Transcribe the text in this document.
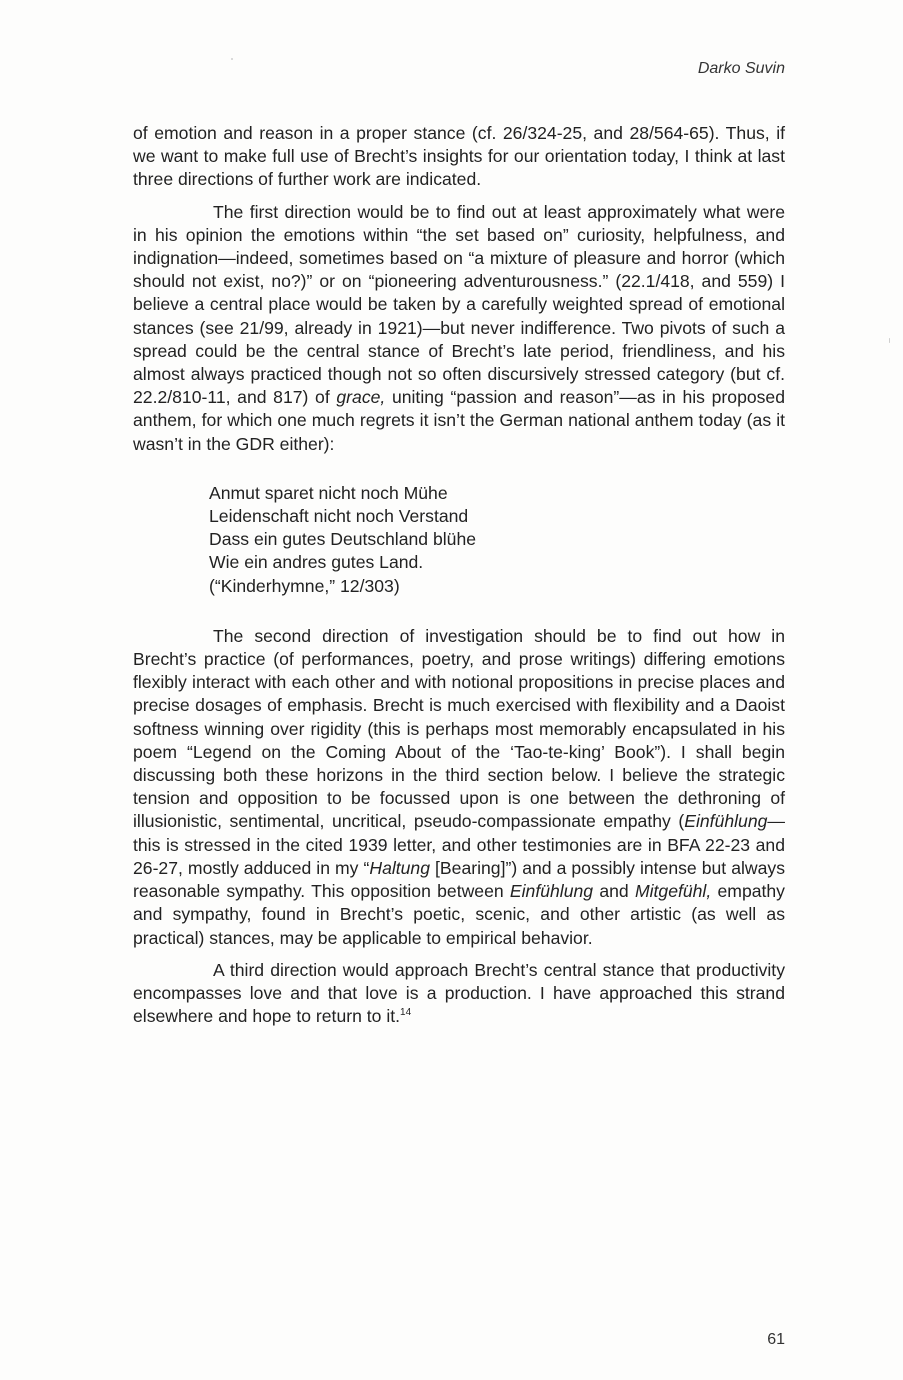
Darko Suvin

of emotion and reason in a proper stance (cf. 26/324-25, and 28/564-65). Thus, if we want to make full use of Brecht’s insights for our orientation today, I think at last three directions of further work are indicated.

The first direction would be to find out at least approximately what were in his opinion the emotions within “the set based on” curiosity, helpfulness, and indignation—indeed, sometimes based on “a mixture of pleasure and horror (which should not exist, no?)” or on “pioneering adventurousness.” (22.1/418, and 559) I believe a central place would be taken by a carefully weighted spread of emotional stances (see 21/99, already in 1921)—but never indifference. Two pivots of such a spread could be the central stance of Brecht’s late period, friendliness, and his almost always practiced though not so often discursively stressed category (but cf. 22.2/810-11, and 817) of grace, uniting “passion and reason”—as in his proposed anthem, for which one much regrets it isn’t the German national anthem today (as it wasn’t in the GDR either):

Anmut sparet nicht noch Mühe
Leidenschaft nicht noch Verstand
Dass ein gutes Deutschland blühe
Wie ein andres gutes Land.
(“Kinderhymne,” 12/303)

The second direction of investigation should be to find out how in Brecht’s practice (of performances, poetry, and prose writings) differing emotions flexibly interact with each other and with notional propositions in precise places and precise dosages of emphasis. Brecht is much exercised with flexibility and a Daoist softness winning over rigidity (this is perhaps most memorably encapsulated in his poem “Legend on the Coming About of the ‘Tao-te-king’ Book”). I shall begin discussing both these horizons in the third section below. I believe the strategic tension and opposition to be focussed upon is one between the dethroning of illusionistic, sentimental, uncritical, pseudo-compassionate empathy (Einfühlung—this is stressed in the cited 1939 letter, and other testimonies are in BFA 22-23 and 26-27, mostly adduced in my “Haltung [Bearing]”) and a possibly intense but always reasonable sympathy. This opposition between Einfühlung and Mitgefühl, empathy and sympathy, found in Brecht’s poetic, scenic, and other artistic (as well as practical) stances, may be applicable to empirical behavior.

A third direction would approach Brecht’s central stance that productivity encompasses love and that love is a production. I have approached this strand elsewhere and hope to return to it.$^{14}$

61
